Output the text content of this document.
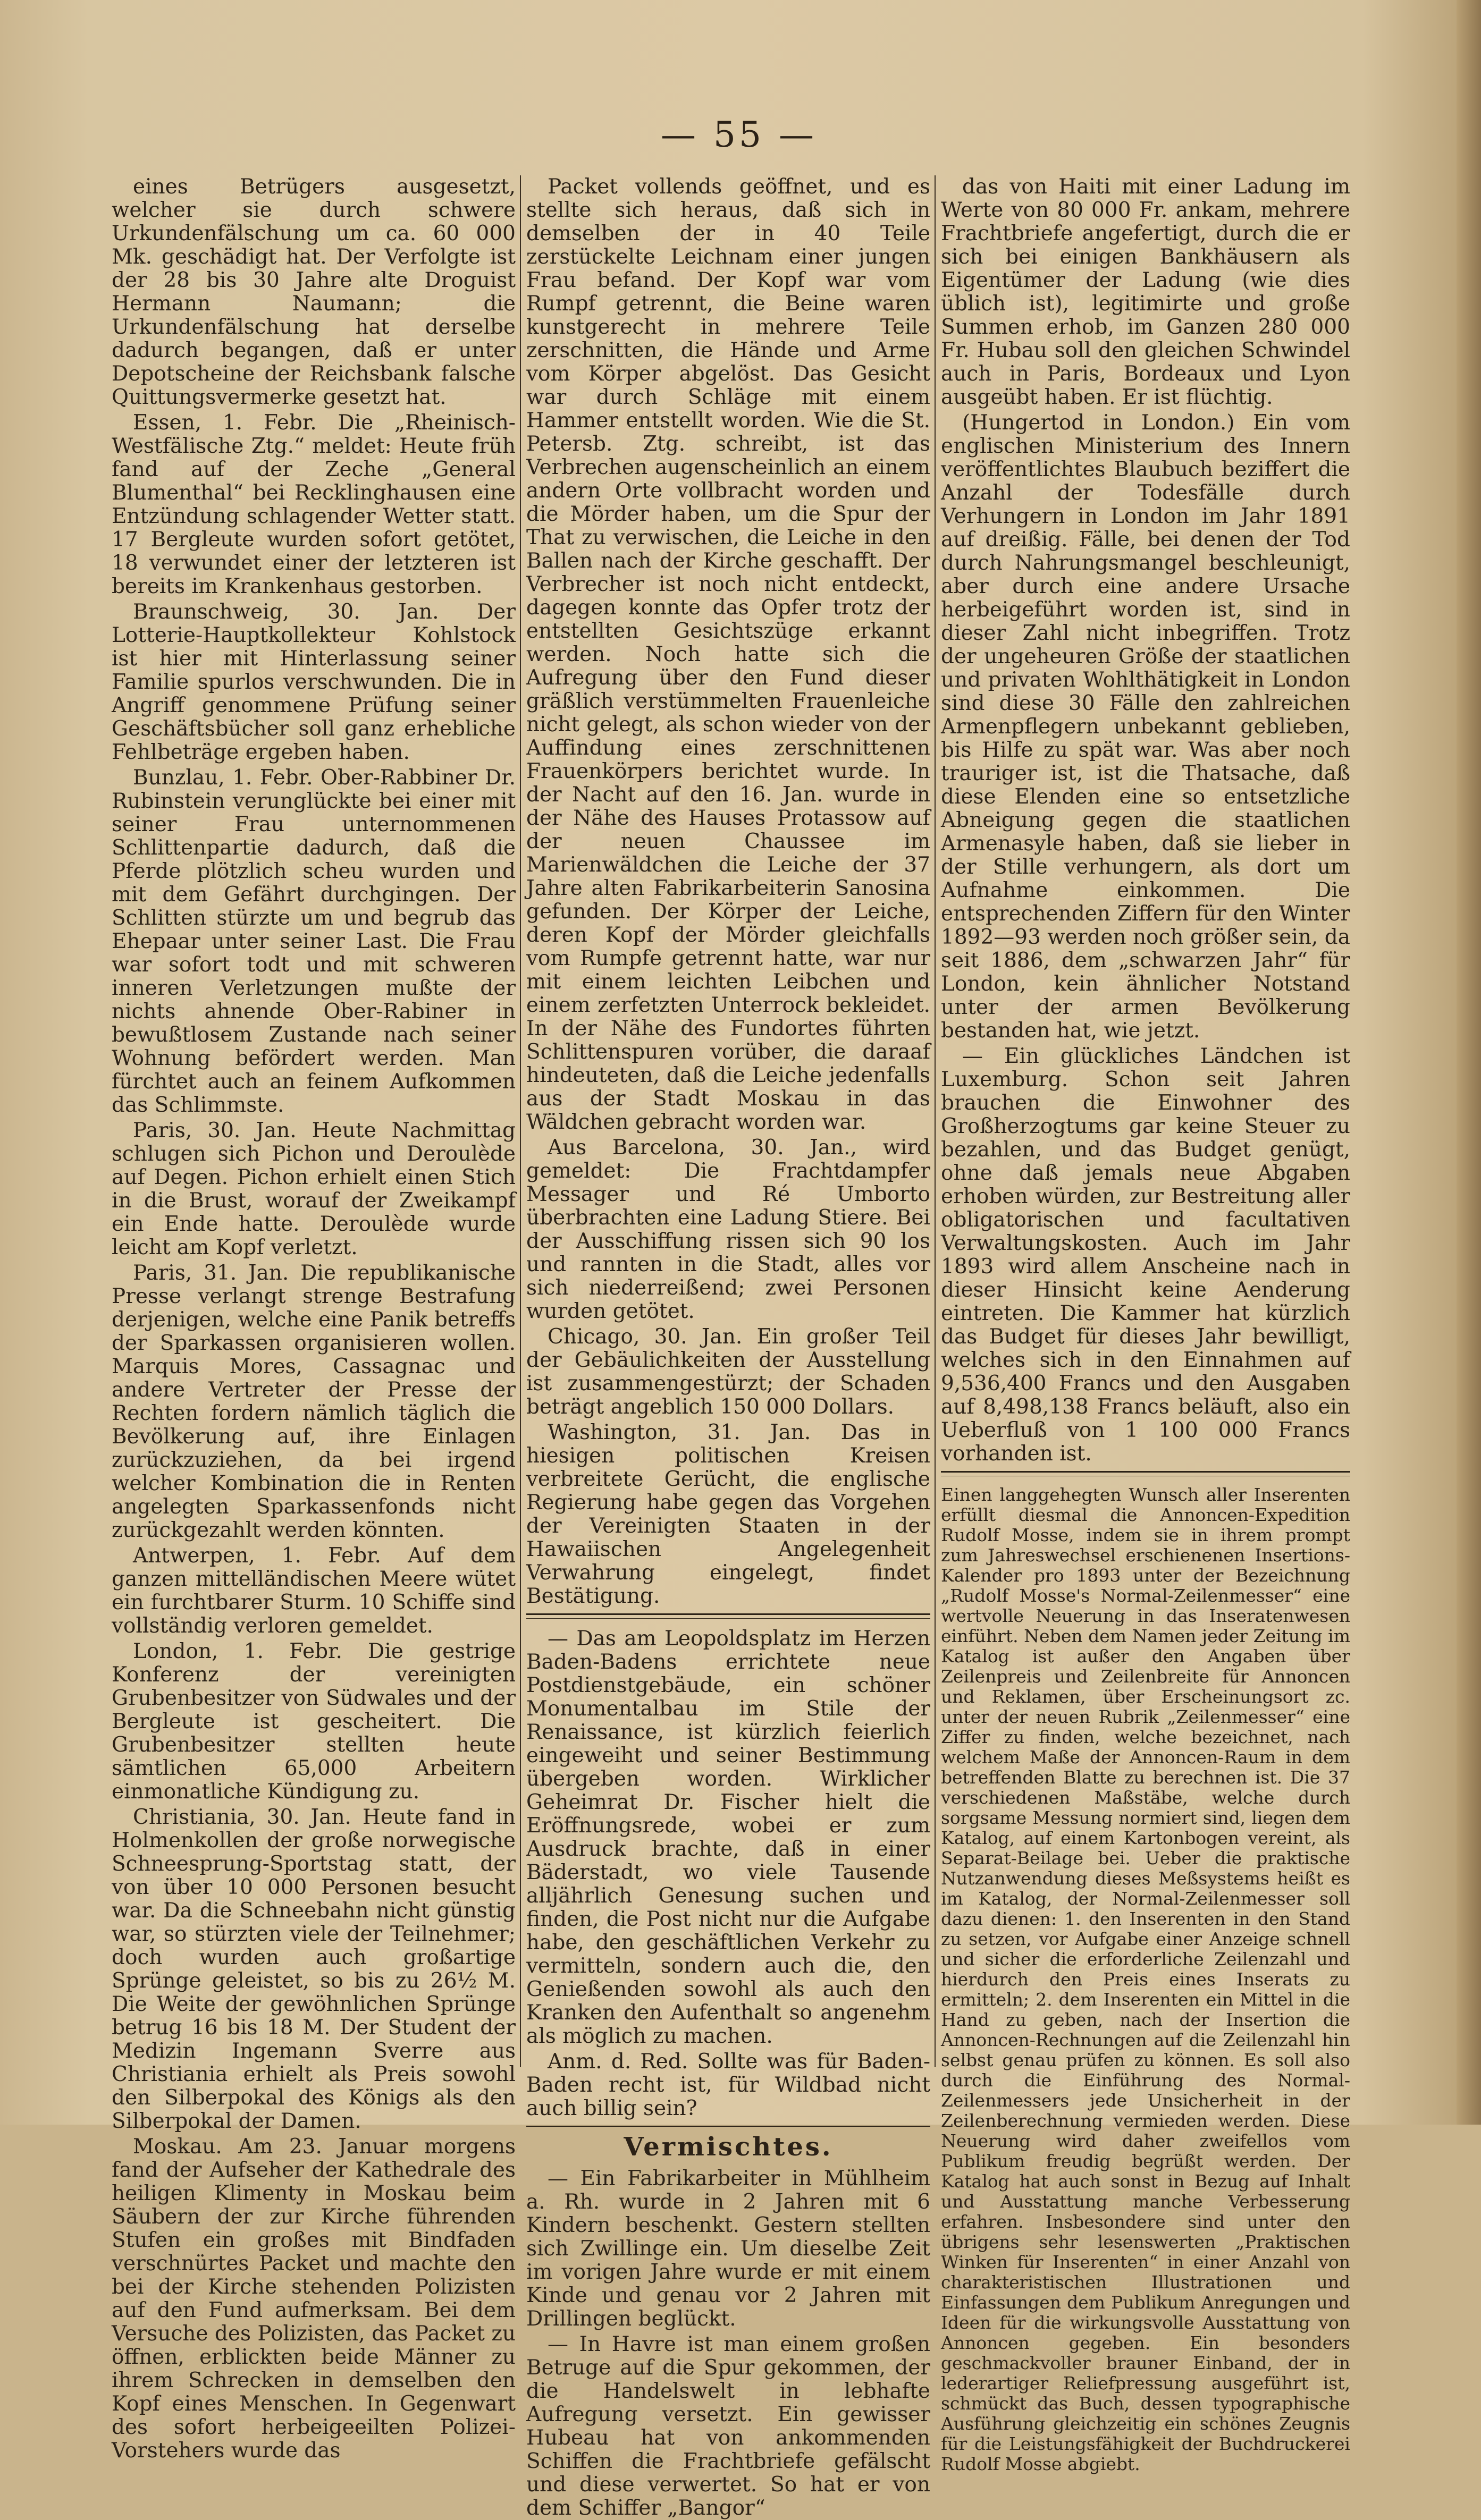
— 55 —

eines Betrügers ausgesetzt, welcher sie durch schwere Urkundenfälschung um ca. 60 000 Mk. geschädigt hat. Der Verfolgte ist der 28 bis 30 Jahre alte Droguist Hermann Naumann; die Urkundenfälschung hat derselbe dadurch begangen, daß er unter Depotscheine der Reichsbank falsche Quittungsvermerke gesetzt hat.

Essen, 1. Febr. Die „Rheinisch-Westfälische Ztg.“ meldet: Heute früh fand auf der Zeche „General Blumenthal“ bei Recklinghausen eine Entzündung schlagender Wetter statt. 17 Bergleute wurden sofort getötet, 18 verwundet einer der letzteren ist bereits im Krankenhaus gestorben.

Braunschweig, 30. Jan. Der Lotterie-Hauptkollekteur Kohlstock ist hier mit Hinterlassung seiner Familie spurlos verschwunden. Die in Angriff genommene Prüfung seiner Geschäftsbücher soll ganz erhebliche Fehlbeträge ergeben haben.

Bunzlau, 1. Febr. Ober-Rabbiner Dr. Rubinstein verunglückte bei einer mit seiner Frau unternommenen Schlittenpartie dadurch, daß die Pferde plötzlich scheu wurden und mit dem Gefährt durchgingen. Der Schlitten stürzte um und begrub das Ehepaar unter seiner Last. Die Frau war sofort todt und mit schweren inneren Verletzungen mußte der nichts ahnende Ober-Rabiner in bewußtlosem Zustande nach seiner Wohnung befördert werden. Man fürchtet auch an feinem Aufkommen das Schlimmste.

Paris, 30. Jan. Heute Nachmittag schlugen sich Pichon und Deroulède auf Degen. Pichon erhielt einen Stich in die Brust, worauf der Zweikampf ein Ende hatte. Deroulède wurde leicht am Kopf verletzt.

Paris, 31. Jan. Die republikanische Presse verlangt strenge Bestrafung derjenigen, welche eine Panik betreffs der Sparkassen organisieren wollen. Marquis Mores, Cassagnac und andere Vertreter der Presse der Rechten fordern nämlich täglich die Bevölkerung auf, ihre Einlagen zurückzuziehen, da bei irgend welcher Kombination die in Renten angelegten Sparkassenfonds nicht zurückgezahlt werden könnten.

Antwerpen, 1. Febr. Auf dem ganzen mittelländischen Meere wütet ein furchtbarer Sturm. 10 Schiffe sind vollständig verloren gemeldet.

London, 1. Febr. Die gestrige Konferenz der vereinigten Grubenbesitzer von Südwales und der Bergleute ist gescheitert. Die Grubenbesitzer stellten heute sämtlichen 65,000 Arbeitern einmonatliche Kündigung zu.

Christiania, 30. Jan. Heute fand in Holmenkollen der große norwegische Schneesprung-Sportstag statt, der von über 10 000 Personen besucht war. Da die Schneebahn nicht günstig war, so stürzten viele der Teilnehmer; doch wurden auch großartige Sprünge geleistet, so bis zu 26½ M. Die Weite der gewöhnlichen Sprünge betrug 16 bis 18 M. Der Student der Medizin Ingemann Sverre aus Christiania erhielt als Preis sowohl den Silberpokal des Königs als den Silberpokal der Damen.

Moskau. Am 23. Januar morgens fand der Aufseher der Kathedrale des heiligen Klimenty in Moskau beim Säubern der zur Kirche führenden Stufen ein großes mit Bindfaden verschnürtes Packet und machte den bei der Kirche stehenden Polizisten auf den Fund aufmerksam. Bei dem Versuche des Polizisten, das Packet zu öffnen, erblickten beide Männer zu ihrem Schrecken in demselben den Kopf eines Menschen. In Gegenwart des sofort herbeigeeilten Polizei-Vorstehers wurde das

Packet vollends geöffnet, und es stellte sich heraus, daß sich in demselben der in 40 Teile zerstückelte Leichnam einer jungen Frau befand. Der Kopf war vom Rumpf getrennt, die Beine waren kunstgerecht in mehrere Teile zerschnitten, die Hände und Arme vom Körper abgelöst. Das Gesicht war durch Schläge mit einem Hammer entstellt worden. Wie die St. Petersb. Ztg. schreibt, ist das Verbrechen augenscheinlich an einem andern Orte vollbracht worden und die Mörder haben, um die Spur der That zu verwischen, die Leiche in den Ballen nach der Kirche geschafft. Der Verbrecher ist noch nicht entdeckt, dagegen konnte das Opfer trotz der entstellten Gesichtszüge erkannt werden. Noch hatte sich die Aufregung über den Fund dieser gräßlich verstümmelten Frauenleiche nicht gelegt, als schon wieder von der Auffindung eines zerschnittenen Frauenkörpers berichtet wurde. In der Nacht auf den 16. Jan. wurde in der Nähe des Hauses Protassow auf der neuen Chaussee im Marienwäldchen die Leiche der 37 Jahre alten Fabrikarbeiterin Sanosina gefunden. Der Körper der Leiche, deren Kopf der Mörder gleichfalls vom Rumpfe getrennt hatte, war nur mit einem leichten Leibchen und einem zerfetzten Unterrock bekleidet. In der Nähe des Fundortes führten Schlittenspuren vorüber, die daraaf hindeuteten, daß die Leiche jedenfalls aus der Stadt Moskau in das Wäldchen gebracht worden war.

Aus Barcelona, 30. Jan., wird gemeldet: Die Frachtdampfer Messager und Ré Umborto überbrachten eine Ladung Stiere. Bei der Ausschiffung rissen sich 90 los und rannten in die Stadt, alles vor sich niederreißend; zwei Personen wurden getötet.

Chicago, 30. Jan. Ein großer Teil der Gebäulichkeiten der Ausstellung ist zusammengestürzt; der Schaden beträgt angeblich 150 000 Dollars.

Washington, 31. Jan. Das in hiesigen politischen Kreisen verbreitete Gerücht, die englische Regierung habe gegen das Vorgehen der Vereinigten Staaten in der Hawaiischen Angelegenheit Verwahrung eingelegt, findet Bestätigung.

— Das am Leopoldsplatz im Herzen Baden-Badens errichtete neue Postdienstgebäude, ein schöner Monumentalbau im Stile der Renaissance, ist kürzlich feierlich eingeweiht und seiner Bestimmung übergeben worden. Wirklicher Geheimrat Dr. Fischer hielt die Eröffnungsrede, wobei er zum Ausdruck brachte, daß in einer Bäderstadt, wo viele Tausende alljährlich Genesung suchen und finden, die Post nicht nur die Aufgabe habe, den geschäftlichen Verkehr zu vermitteln, sondern auch die, den Genießenden sowohl als auch den Kranken den Aufenthalt so angenehm als möglich zu machen.

Anm. d. Red. Sollte was für Baden-Baden recht ist, für Wildbad nicht auch billig sein?

Vermischtes.

— Ein Fabrikarbeiter in Mühlheim a. Rh. wurde in 2 Jahren mit 6 Kindern beschenkt. Gestern stellten sich Zwillinge ein. Um dieselbe Zeit im vorigen Jahre wurde er mit einem Kinde und genau vor 2 Jahren mit Drillingen beglückt.

— In Havre ist man einem großen Betruge auf die Spur gekommen, der die Handelswelt in lebhafte Aufregung versetzt. Ein gewisser Hubeau hat von ankommenden Schiffen die Frachtbriefe gefälscht und diese verwertet. So hat er von dem Schiffer „Bangor“

das von Haiti mit einer Ladung im Werte von 80 000 Fr. ankam, mehrere Frachtbriefe angefertigt, durch die er sich bei einigen Bankhäusern als Eigentümer der Ladung (wie dies üblich ist), legitimirte und große Summen erhob, im Ganzen 280 000 Fr. Hubau soll den gleichen Schwindel auch in Paris, Bordeaux und Lyon ausgeübt haben. Er ist flüchtig.

(Hungertod in London.) Ein vom englischen Ministerium des Innern veröffentlichtes Blaubuch beziffert die Anzahl der Todesfälle durch Verhungern in London im Jahr 1891 auf dreißig. Fälle, bei denen der Tod durch Nahrungsmangel beschleunigt, aber durch eine andere Ursache herbeigeführt worden ist, sind in dieser Zahl nicht inbegriffen. Trotz der ungeheuren Größe der staatlichen und privaten Wohlthätigkeit in London sind diese 30 Fälle den zahlreichen Armenpflegern unbekannt geblieben, bis Hilfe zu spät war. Was aber noch trauriger ist, ist die Thatsache, daß diese Elenden eine so entsetzliche Abneigung gegen die staatlichen Armenasyle haben, daß sie lieber in der Stille verhungern, als dort um Aufnahme einkommen. Die entsprechenden Ziffern für den Winter 1892—93 werden noch größer sein, da seit 1886, dem „schwarzen Jahr“ für London, kein ähnlicher Notstand unter der armen Bevölkerung bestanden hat, wie jetzt.

— Ein glückliches Ländchen ist Luxemburg. Schon seit Jahren brauchen die Einwohner des Großherzogtums gar keine Steuer zu bezahlen, und das Budget genügt, ohne daß jemals neue Abgaben erhoben würden, zur Bestreitung aller obligatorischen und facultativen Verwaltungskosten. Auch im Jahr 1893 wird allem Anscheine nach in dieser Hinsicht keine Aenderung eintreten. Die Kammer hat kürzlich das Budget für dieses Jahr bewilligt, welches sich in den Einnahmen auf 9,536,400 Francs und den Ausgaben auf 8,498,138 Francs beläuft, also ein Ueberfluß von 1 100 000 Francs vorhanden ist.

Einen langgehegten Wunsch aller Inserenten erfüllt diesmal die Annoncen-Expedition Rudolf Mosse, indem sie in ihrem prompt zum Jahreswechsel erschienenen Insertions-Kalender pro 1893 unter der Bezeichnung „Rudolf Mosse's Normal-Zeilenmesser“ eine wertvolle Neuerung in das Inseratenwesen einführt. Neben dem Namen jeder Zeitung im Katalog ist außer den Angaben über Zeilenpreis und Zeilenbreite für Annoncen und Reklamen, über Erscheinungsort zc. unter der neuen Rubrik „Zeilenmesser“ eine Ziffer zu finden, welche bezeichnet, nach welchem Maße der Annoncen-Raum in dem betreffenden Blatte zu berechnen ist. Die 37 verschiedenen Maßstäbe, welche durch sorgsame Messung normiert sind, liegen dem Katalog, auf einem Kartonbogen vereint, als Separat-Beilage bei. Ueber die praktische Nutzanwendung dieses Meßsystems heißt es im Katalog, der Normal-Zeilenmesser soll dazu dienen: 1. den Inserenten in den Stand zu setzen, vor Aufgabe einer Anzeige schnell und sicher die erforderliche Zeilenzahl und hierdurch den Preis eines Inserats zu ermitteln; 2. dem Inserenten ein Mittel in die Hand zu geben, nach der Insertion die Annoncen-Rechnungen auf die Zeilenzahl hin selbst genau prüfen zu können. Es soll also durch die Einführung des Normal-Zeilenmessers jede Unsicherheit in der Zeilenberechnung vermieden werden. Diese Neuerung wird daher zweifellos vom Publikum freudig begrüßt werden. Der Katalog hat auch sonst in Bezug auf Inhalt und Ausstattung manche Verbesserung erfahren. Insbesondere sind unter den übrigens sehr lesenswerten „Praktischen Winken für Inserenten“ in einer Anzahl von charakteristischen Illustrationen und Einfassungen dem Publikum Anregungen und Ideen für die wirkungsvolle Ausstattung von Annoncen gegeben. Ein besonders geschmackvoller brauner Einband, der in lederartiger Reliefpressung ausgeführt ist, schmückt das Buch, dessen typographische Ausführung gleichzeitig ein schönes Zeugnis für die Leistungsfähigkeit der Buchdruckerei Rudolf Mosse abgiebt.
